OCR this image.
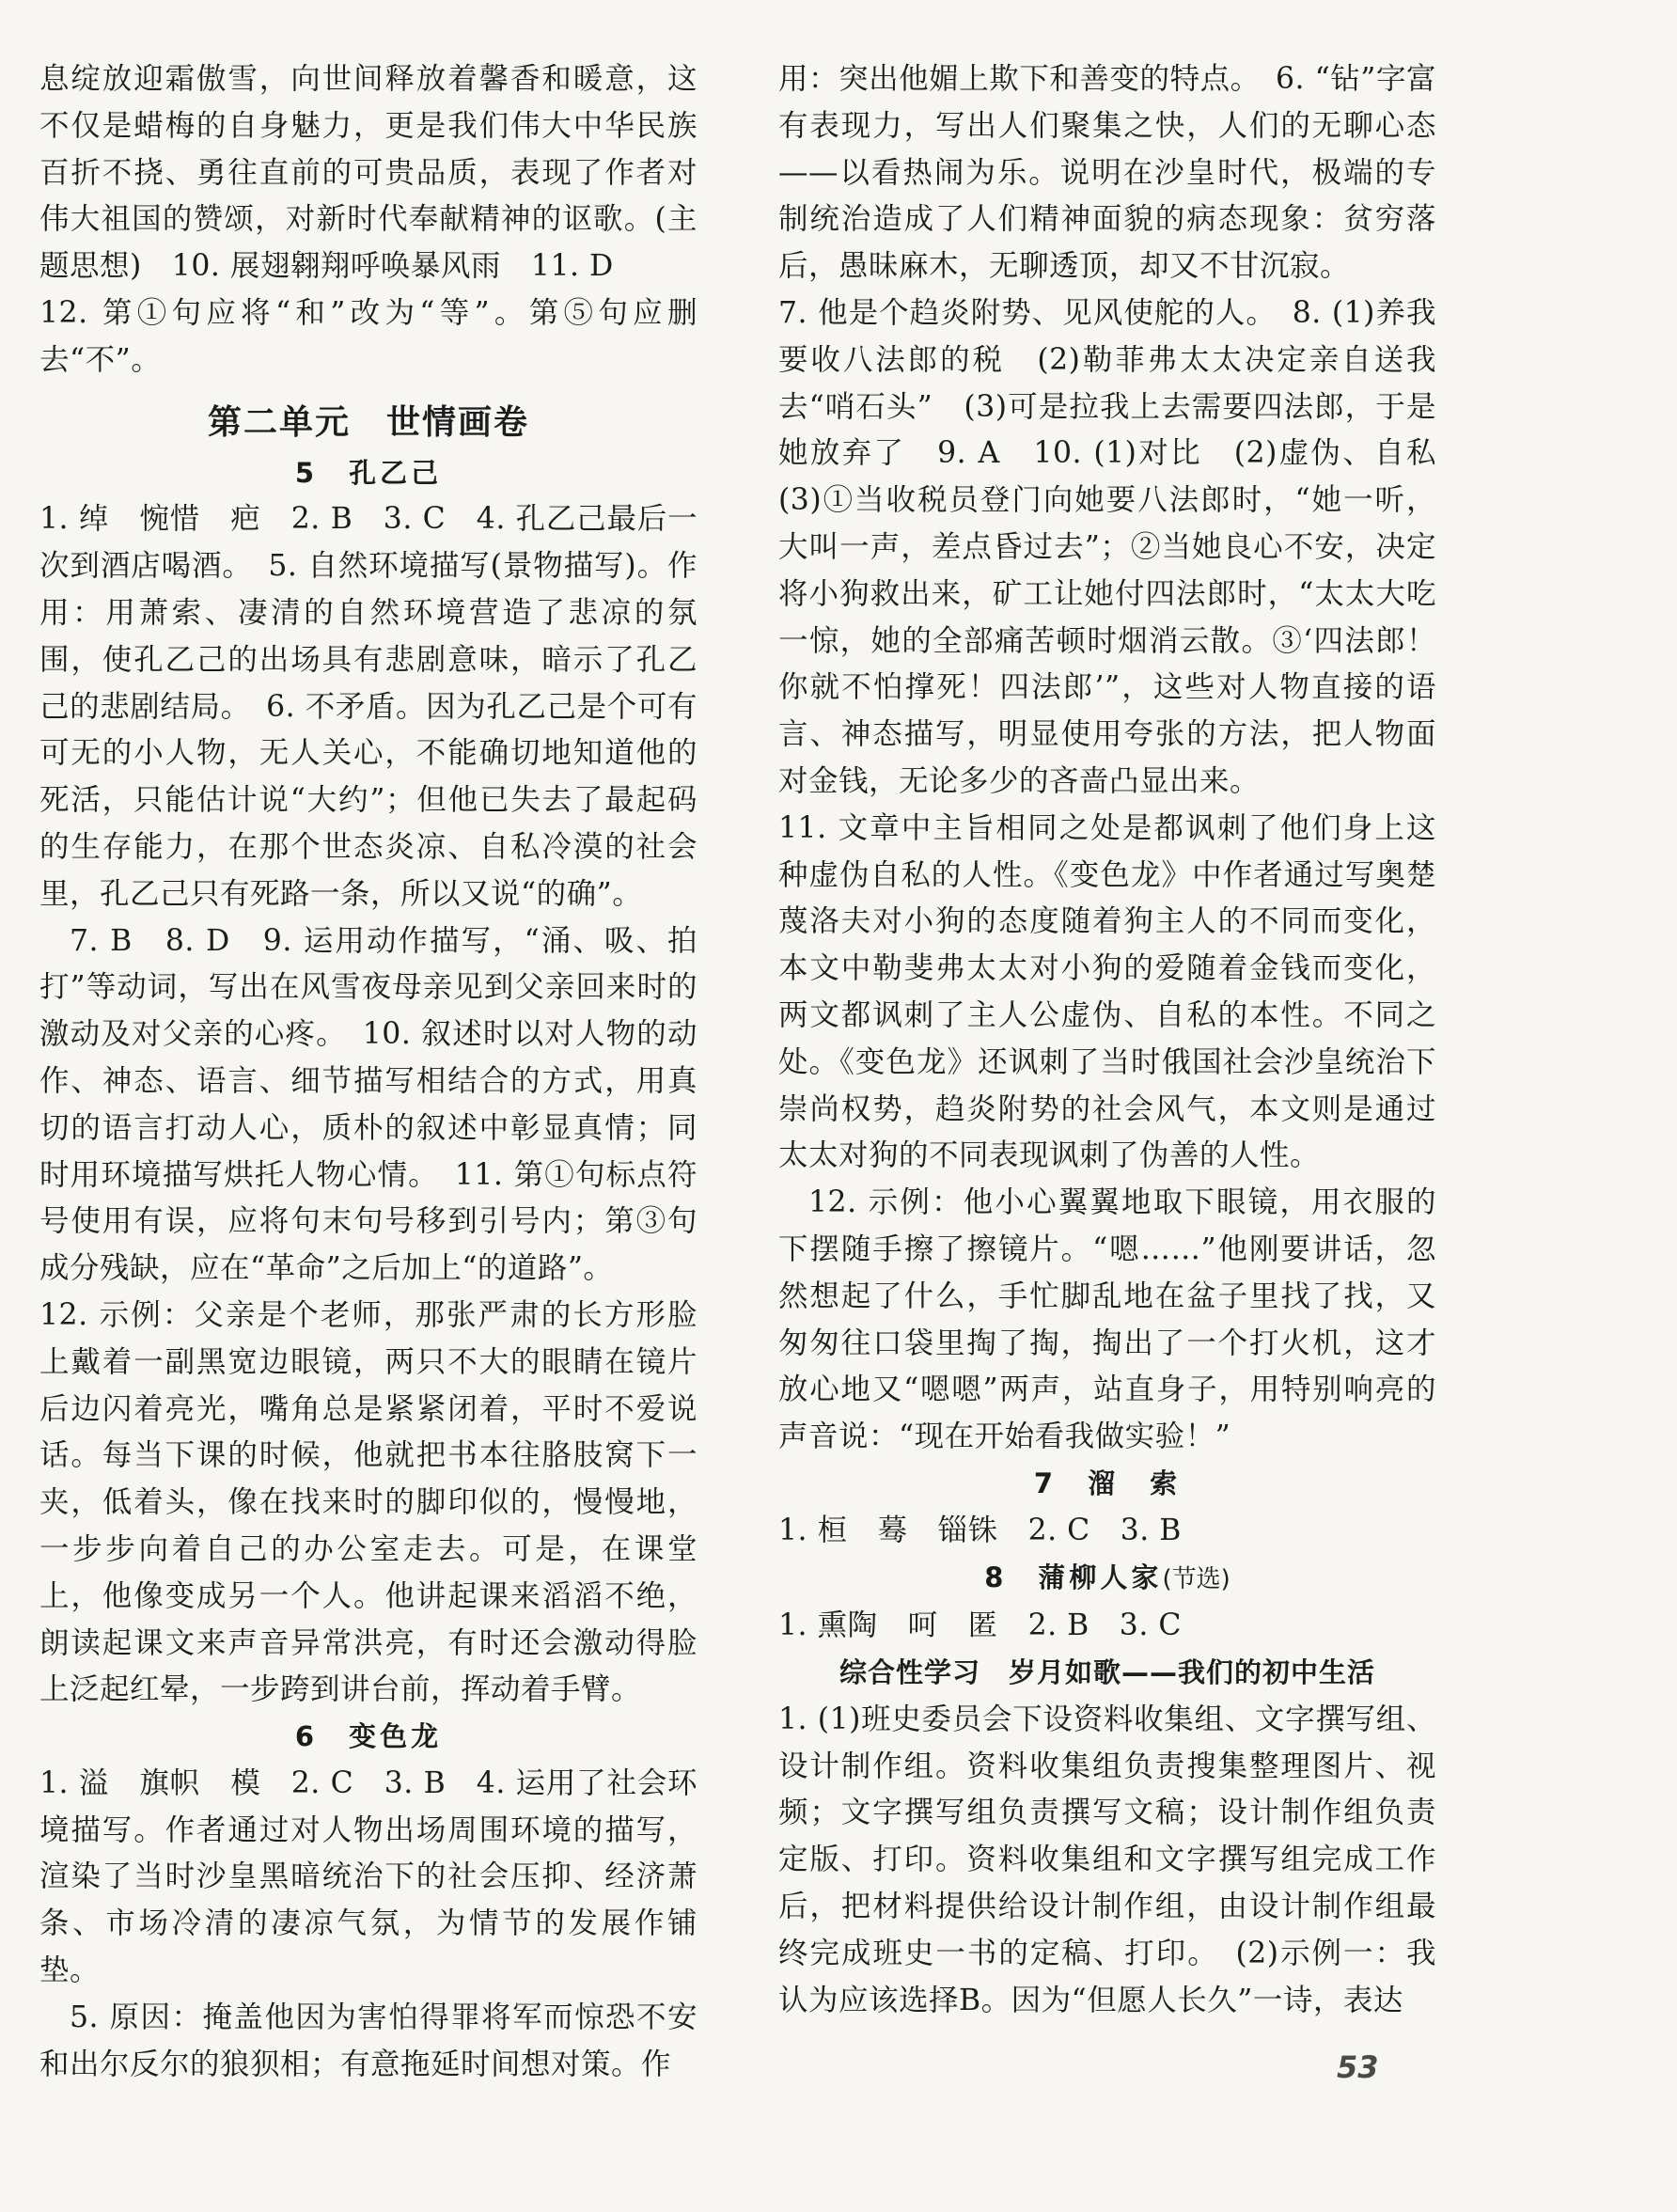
息绽放迎霜傲雪，向世间释放着馨香和暖意，这不仅是蜡梅的自身魅力，更是我们伟大中华民族百折不挠、勇往直前的可贵品质，表现了作者对伟大祖国的赞颂，对新时代奉献精神的讴歌。(主题思想)　10. 展翅翱翔呼唤暴风雨　11. D

12. 第①句应将“和”改为“等”。第⑤句应删去“不”。

第二单元　世情画卷
5　孔乙己

1. 绰　惋惜　疤　2. B　3. C　4. 孔乙己最后一次到酒店喝酒。　5. 自然环境描写(景物描写)。作用：用萧索、凄清的自然环境营造了悲凉的氛围，使孔乙己的出场具有悲剧意味，暗示了孔乙己的悲剧结局。　6. 不矛盾。因为孔乙己是个可有可无的小人物，无人关心，不能确切地知道他的死活，只能估计说“大约”；但他已失去了最起码的生存能力，在那个世态炎凉、自私冷漠的社会里，孔乙己只有死路一条，所以又说“的确”。

7. B　8. D　9. 运用动作描写，“涌、吸、拍打”等动词，写出在风雪夜母亲见到父亲回来时的激动及对父亲的心疼。　10. 叙述时以对人物的动作、神态、语言、细节描写相结合的方式，用真切的语言打动人心，质朴的叙述中彰显真情；同时用环境描写烘托人物心情。　11. 第①句标点符号使用有误，应将句末句号移到引号内；第③句成分残缺，应在“革命”之后加上“的道路”。

12. 示例：父亲是个老师，那张严肃的长方形脸上戴着一副黑宽边眼镜，两只不大的眼睛在镜片后边闪着亮光，嘴角总是紧紧闭着，平时不爱说话。每当下课的时候，他就把书本往胳肢窝下一夹，低着头，像在找来时的脚印似的，慢慢地，一步步向着自己的办公室走去。可是，在课堂上，他像变成另一个人。他讲起课来滔滔不绝，朗读起课文来声音异常洪亮，有时还会激动得脸上泛起红晕，一步跨到讲台前，挥动着手臂。

6　变色龙

1. 溢　旗帜　模　2. C　3. B　4. 运用了社会环境描写。作者通过对人物出场周围环境的描写，渲染了当时沙皇黑暗统治下的社会压抑、经济萧条、市场冷清的凄凉气氛，为情节的发展作铺垫。

5. 原因：掩盖他因为害怕得罪将军而惊恐不安和出尔反尔的狼狈相；有意拖延时间想对策。作

用：突出他媚上欺下和善变的特点。　6. “钻”字富有表现力，写出人们聚集之快，人们的无聊心态——以看热闹为乐。说明在沙皇时代，极端的专制统治造成了人们精神面貌的病态现象：贫穷落后，愚昧麻木，无聊透顶，却又不甘沉寂。

7. 他是个趋炎附势、见风使舵的人。　8. (1)养我要收八法郎的税　(2)勒菲弗太太决定亲自送我去“哨石头”　(3)可是拉我上去需要四法郎，于是她放弃了　9. A　10. (1)对比　(2)虚伪、自私　(3)①当收税员登门向她要八法郎时，“她一听，大叫一声，差点昏过去”；②当她良心不安，决定将小狗救出来，矿工让她付四法郎时，“太太大吃一惊，她的全部痛苦顿时烟消云散。③‘四法郎！你就不怕撑死！四法郎’”，这些对人物直接的语言、神态描写，明显使用夸张的方法，把人物面对金钱，无论多少的吝啬凸显出来。

11. 文章中主旨相同之处是都讽刺了他们身上这种虚伪自私的人性。《变色龙》中作者通过写奥楚蔑洛夫对小狗的态度随着狗主人的不同而变化，本文中勒斐弗太太对小狗的爱随着金钱而变化，两文都讽刺了主人公虚伪、自私的本性。不同之处。《变色龙》还讽刺了当时俄国社会沙皇统治下崇尚权势，趋炎附势的社会风气，本文则是通过太太对狗的不同表现讽刺了伪善的人性。

12. 示例：他小心翼翼地取下眼镜，用衣服的下摆随手擦了擦镜片。“嗯……”他刚要讲话，忽然想起了什么，手忙脚乱地在盆子里找了找，又匆匆往口袋里掏了掏，掏出了一个打火机，这才放心地又“嗯嗯”两声，站直身子，用特别响亮的声音说：“现在开始看我做实验！”

7　溜　索

1. 桓　蓦　锱铢　2. C　3. B

8　蒲柳人家(节选)

1. 熏陶　呵　匿　2. B　3. C

综合性学习　岁月如歌——我们的初中生活

1. (1)班史委员会下设资料收集组、文字撰写组、设计制作组。资料收集组负责搜集整理图片、视频；文字撰写组负责撰写文稿；设计制作组负责定版、打印。资料收集组和文字撰写组完成工作后，把材料提供给设计制作组，由设计制作组最终完成班史一书的定稿、打印。　(2)示例一：我认为应该选择B。因为“但愿人长久”一诗，表达

53
